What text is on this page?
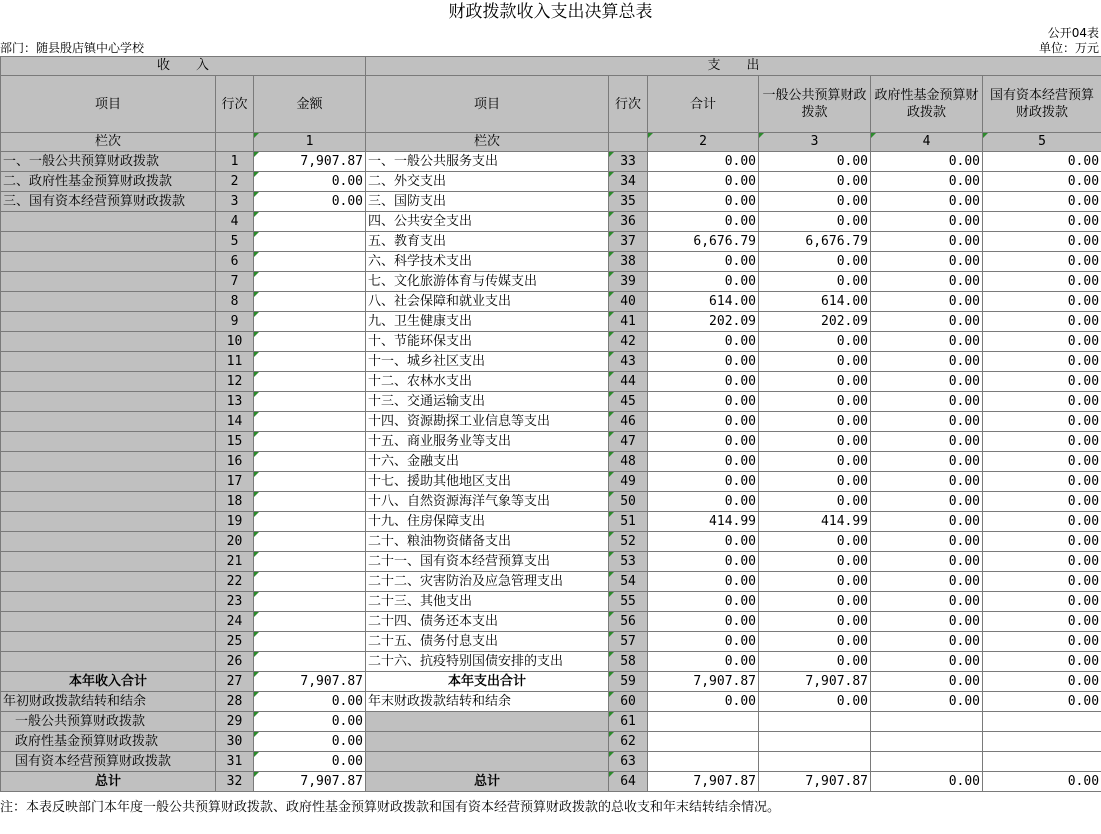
财政拨款收入支出决算总表
公开04表
部门：随县殷店镇中心学校	单位：万元
收　　入			支　　出					
项目	行次	金额	项目	行次	合计	一般公共预算财政拨款	政府性基金预算财政拨款	国有资本经营预算财政拨款
栏次		1	栏次		2	3	4	5
一、一般公共预算财政拨款	1	7,907.87	一、一般公共服务支出	33	0.00	0.00	0.00	0.00
二、政府性基金预算财政拨款	2	0.00	二、外交支出	34	0.00	0.00	0.00	0.00
三、国有资本经营预算财政拨款	3	0.00	三、国防支出	35	0.00	0.00	0.00	0.00
	4		四、公共安全支出	36	0.00	0.00	0.00	0.00
	5		五、教育支出	37	6,676.79	6,676.79	0.00	0.00
	6		六、科学技术支出	38	0.00	0.00	0.00	0.00
	7		七、文化旅游体育与传媒支出	39	0.00	0.00	0.00	0.00
	8		八、社会保障和就业支出	40	614.00	614.00	0.00	0.00
	9		九、卫生健康支出	41	202.09	202.09	0.00	0.00
	10		十、节能环保支出	42	0.00	0.00	0.00	0.00
	11		十一、城乡社区支出	43	0.00	0.00	0.00	0.00
	12		十二、农林水支出	44	0.00	0.00	0.00	0.00
	13		十三、交通运输支出	45	0.00	0.00	0.00	0.00
	14		十四、资源勘探工业信息等支出	46	0.00	0.00	0.00	0.00
	15		十五、商业服务业等支出	47	0.00	0.00	0.00	0.00
	16		十六、金融支出	48	0.00	0.00	0.00	0.00
	17		十七、援助其他地区支出	49	0.00	0.00	0.00	0.00
	18		十八、自然资源海洋气象等支出	50	0.00	0.00	0.00	0.00
	19		十九、住房保障支出	51	414.99	414.99	0.00	0.00
	20		二十、粮油物资储备支出	52	0.00	0.00	0.00	0.00
	21		二十一、国有资本经营预算支出	53	0.00	0.00	0.00	0.00
	22		二十二、灾害防治及应急管理支出	54	0.00	0.00	0.00	0.00
	23		二十三、其他支出	55	0.00	0.00	0.00	0.00
	24		二十四、债务还本支出	56	0.00	0.00	0.00	0.00
	25		二十五、债务付息支出	57	0.00	0.00	0.00	0.00
	26		二十六、抗疫特别国债安排的支出	58	0.00	0.00	0.00	0.00
本年收入合计	27	7,907.87	本年支出合计	59	7,907.87	7,907.87	0.00	0.00
年初财政拨款结转和结余	28	0.00	年末财政拨款结转和结余	60	0.00	0.00	0.00	0.00
一般公共预算财政拨款	29	0.00		61				
政府性基金预算财政拨款	30	0.00		62				
国有资本经营预算财政拨款	31	0.00		63				
总计	32	7,907.87	总计	64	7,907.87	7,907.87	0.00	0.00
注：本表反映部门本年度一般公共预算财政拨款、政府性基金预算财政拨款和国有资本经营预算财政拨款的总收支和年末结转结余情况。
